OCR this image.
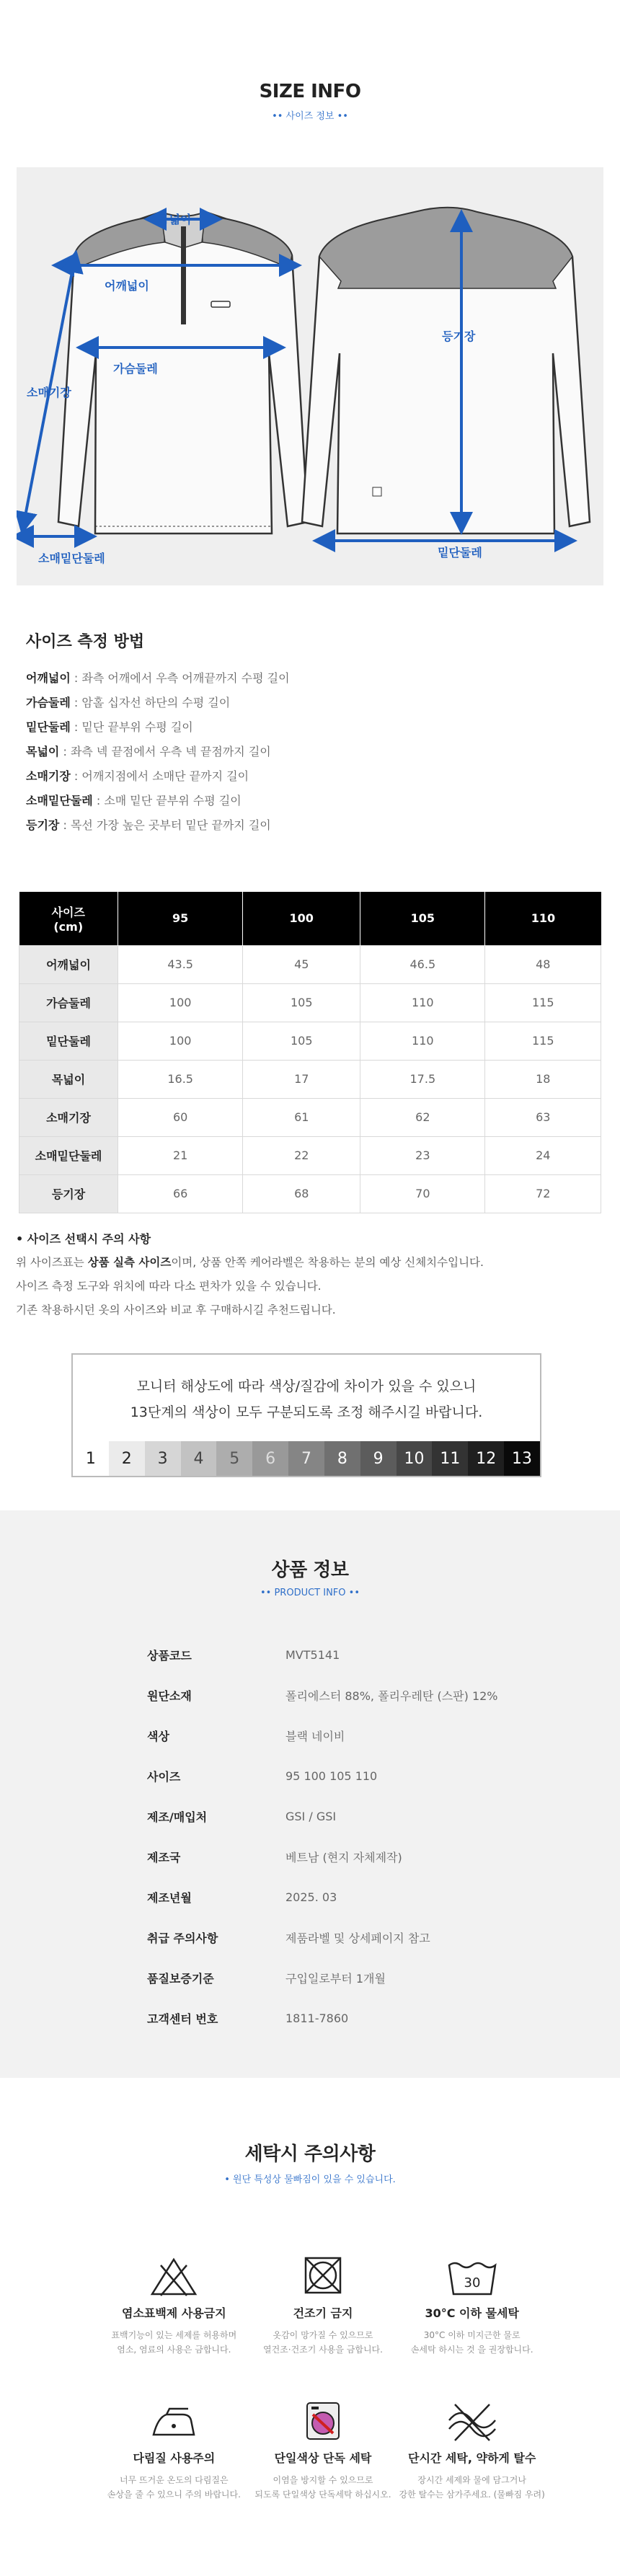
SIZE INFO
•• 사이즈 정보 ••
목넓이
어깨넓이
가슴둘레
소매기장
소매밑단둘레
등기장
밑단둘레
사이즈 측정 방법

어깨넓이 : 좌측 어깨에서 우측 어깨끝까지 수평 길이

가슴둘레 : 암홀 십자선 하단의 수평 길이

밑단둘레 : 밑단 끝부위 수평 길이

목넓이 : 좌측 넥 끝점에서 우측 넥 끝점까지 길이

소매기장 : 어깨지점에서 소매단 끝까지 길이

소매밑단둘레 : 소매 밑단 끝부위 수평 길이

등기장 : 목선 가장 높은 곳부터 밑단 끝까지 길이

사이즈
(cm)	95	100	105	110
어깨넓이	43.5	45	46.5	48
가슴둘레	100	105	110	115
밑단둘레	100	105	110	115
목넓이	16.5	17	17.5	18
소매기장	60	61	62	63
소매밑단둘레	21	22	23	24
등기장	66	68	70	72
• 사이즈 선택시 주의 사항
위 사이즈표는 상품 실측 사이즈이며, 상품 안쪽 케어라벨은 착용하는 분의 예상 신체치수입니다.
사이즈 측정 도구와 위치에 따라 다소 편차가 있을 수 있습니다.
기존 착용하시던 옷의 사이즈와 비교 후 구매하시길 추천드립니다.
모니터 해상도에 따라 색상/질감에 차이가 있을 수 있으니
13단계의 색상이 모두 구분되도록 조정 해주시길 바랍니다.
1	2	3	4	5	6	7	8	9	10 11 12 13
상품 정보
•• PRODUCT INFO ••
상품코드	MVT5141
원단소재	폴리에스터 88%, 폴리우레탄 (스판) 12%
색상	블랙 네이비
사이즈	95 100 105 110
제조/매입처	GSI / GSI
제조국	베트남 (현지 자체제작)
제조년월	2025. 03
취급 주의사항	제품라벨 및 상세페이지 참고
품질보증기준	구입일로부터 1개월
고객센터 번호	1811-7860
세탁시 주의사항
• 원단 특성상 물빠짐이 있을 수 있습니다.
염소표백제 사용금지
표백기능이 있는 세제를 허용하며
염소, 염료의 사용은 금합니다.
건조기 금지
옷감이 망가질 수 있으므로
열건조·건조기 사용을 금합니다.
30
30°C 이하 물세탁
30°C 이하 미지근한 물로
손세탁 하시는 것 을 권장합니다.
다림질 사용주의
너무 뜨거운 온도의 다림질은
손상을 줄 수 있으니 주의 바랍니다.
단일색상 단독 세탁
이염을 방지할 수 있으므로
되도록 단일색상 단독세탁 하십시오.
단시간 세탁, 약하게 탈수
장시간 세제와 물에 담그거나
강한 탈수는 삼가주세요. (물빠짐 우려)
